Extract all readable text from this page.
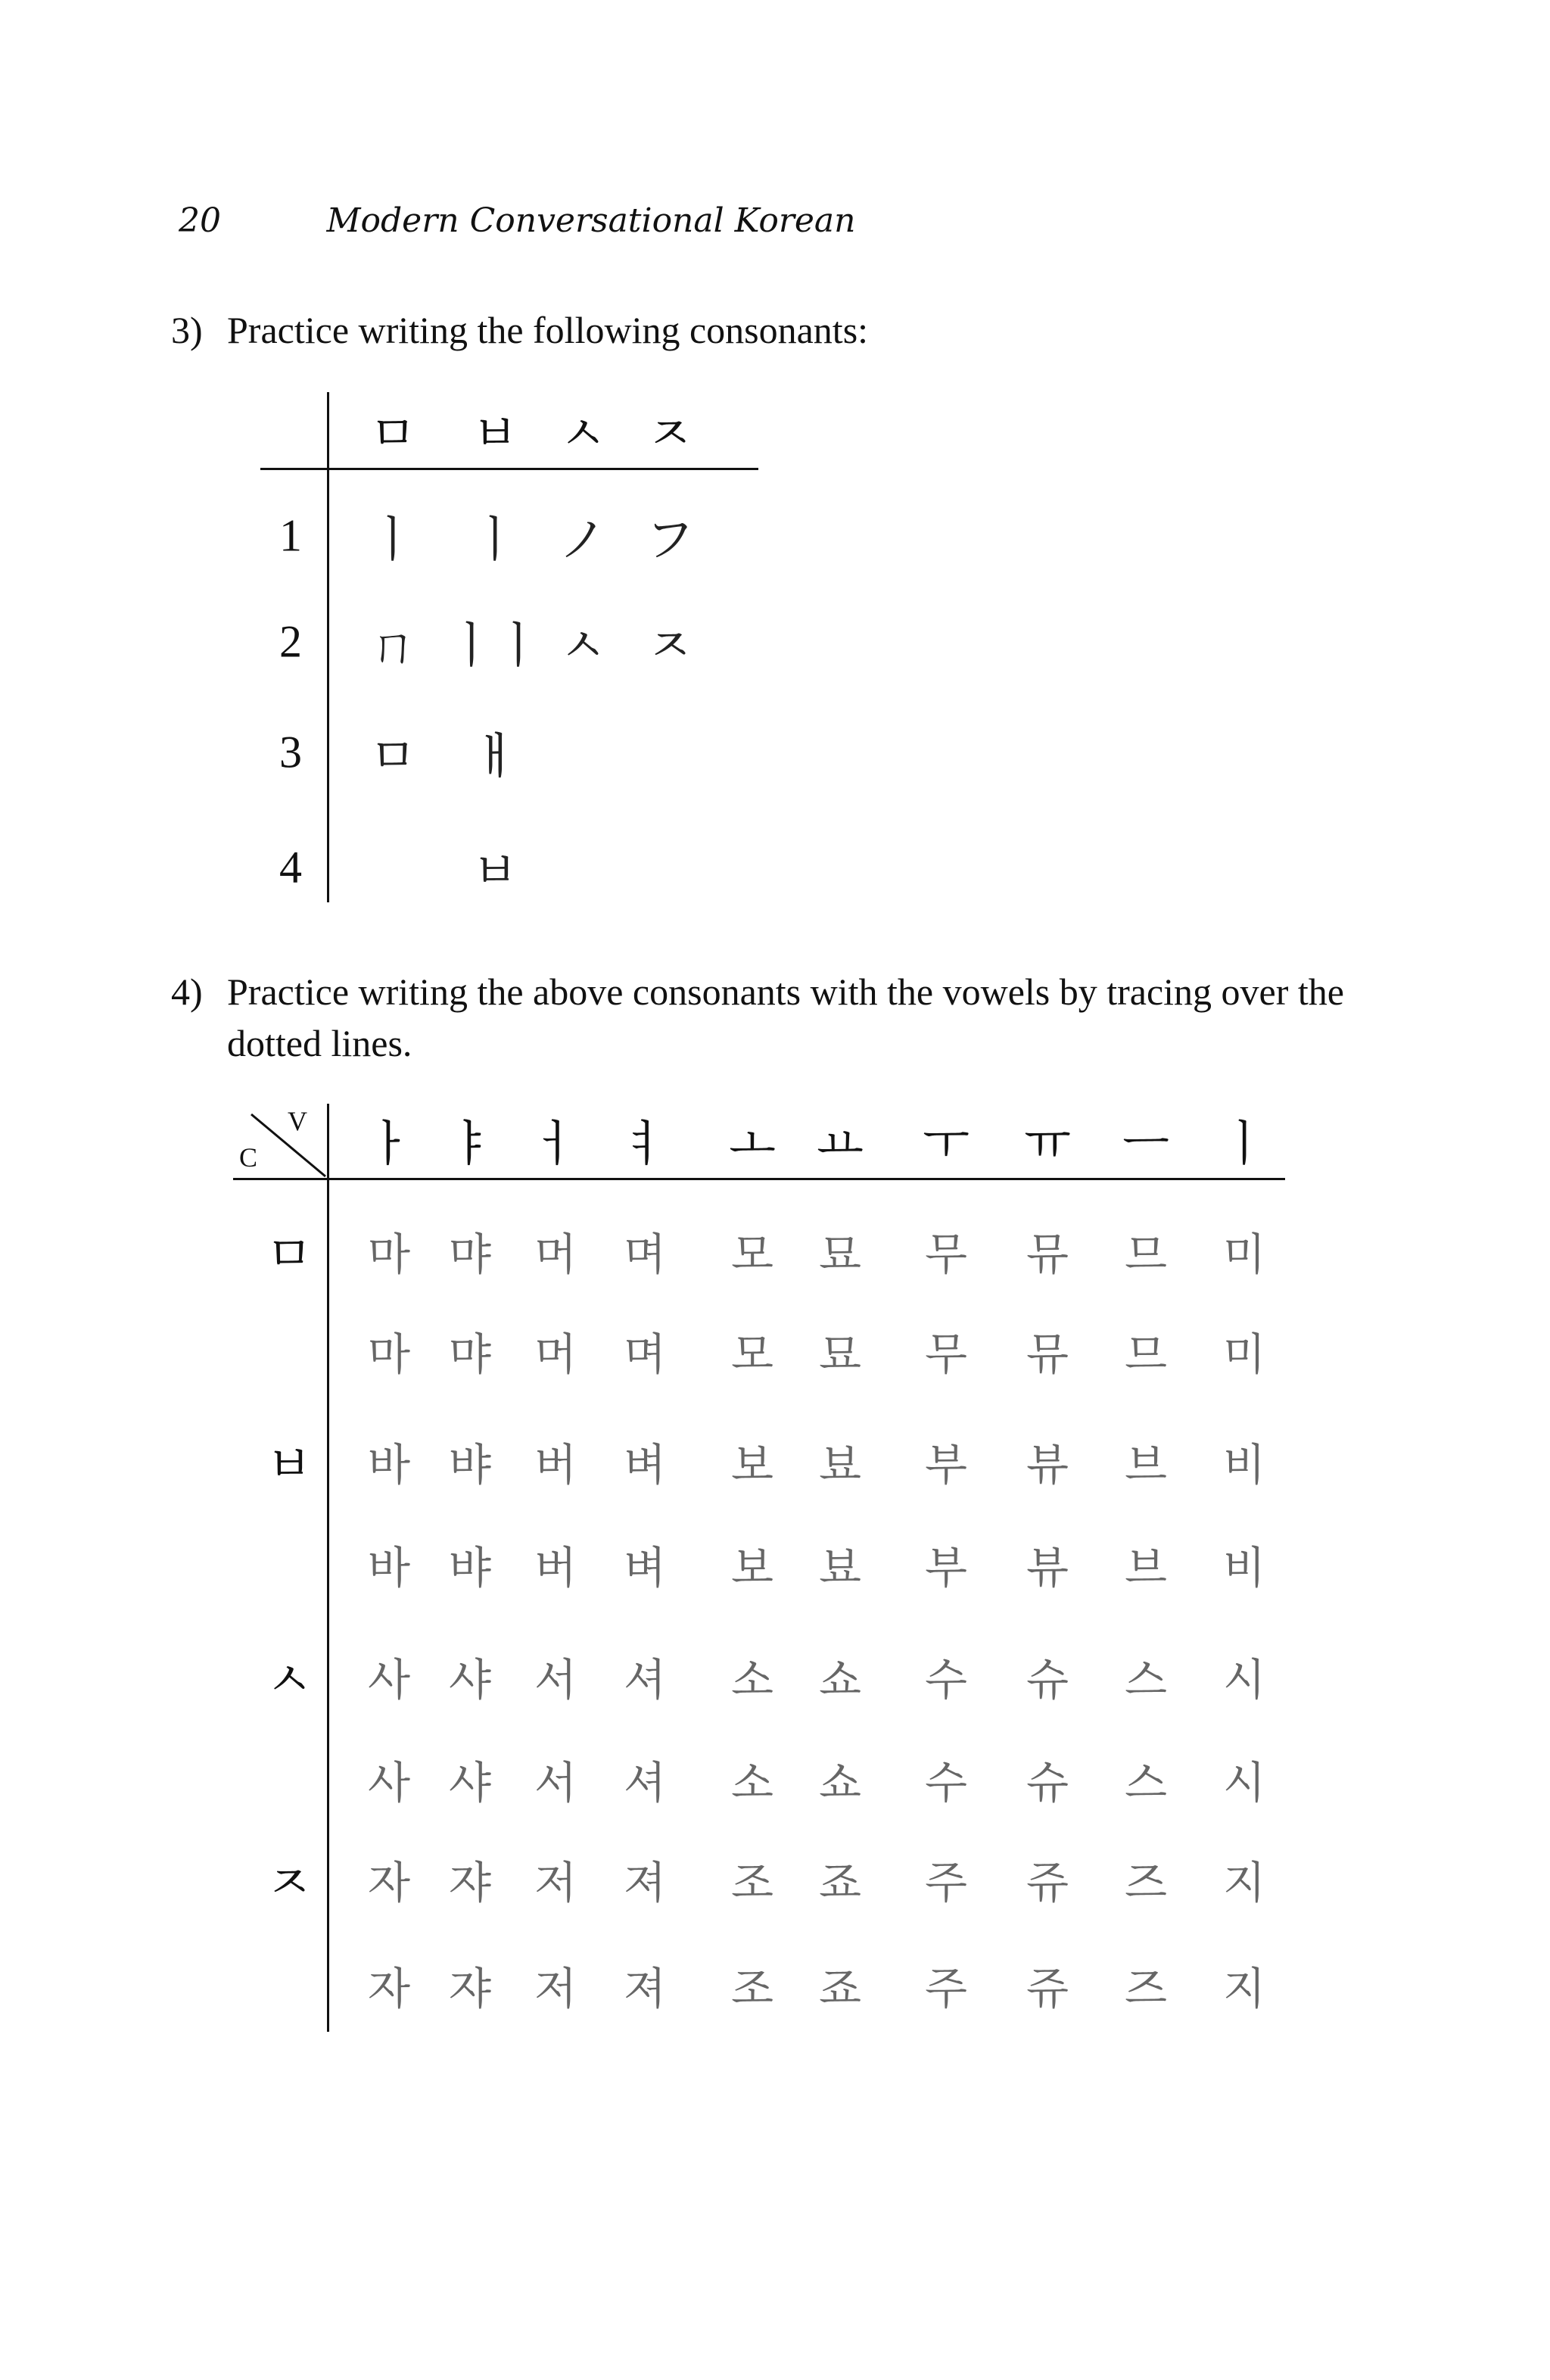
20	Modern Conversational Korean
3) Practice writing the following consonants:
ㅁ ㅂ ㅅ ㅈ
1 ㅣ ㅣ ノ フ
2 ㄇ ㅣㅣ ㅅ ㅈ
3 ㅁ ㅐ
4	ㅂ
4) Practice writing the above consonants with the vowels by tracing over the dotted lines.
V
C ㅏ ㅑ ㅓ ㅕ ㅗ ㅛ ㅜ ㅠ ㅡ ㅣ
ㅁ 마 먀 머 며 모 묘 무 뮤 므 미
마 먀 머 며 모 묘 무 뮤 므 미
ㅂ 바 뱌 버 벼 보 뵤 부 뷰 브 비
바 뱌 버 벼 보 뵤 부 뷰 브 비
ㅅ 사 샤 서 셔 소 쇼 수 슈 스 시
사 샤 서 셔 소 쇼 수 슈 스 시
ㅈ 자 쟈 저 져 조 죠 주 쥬 즈 지
자 쟈 저 져 조 죠 주 쥬 즈 지
